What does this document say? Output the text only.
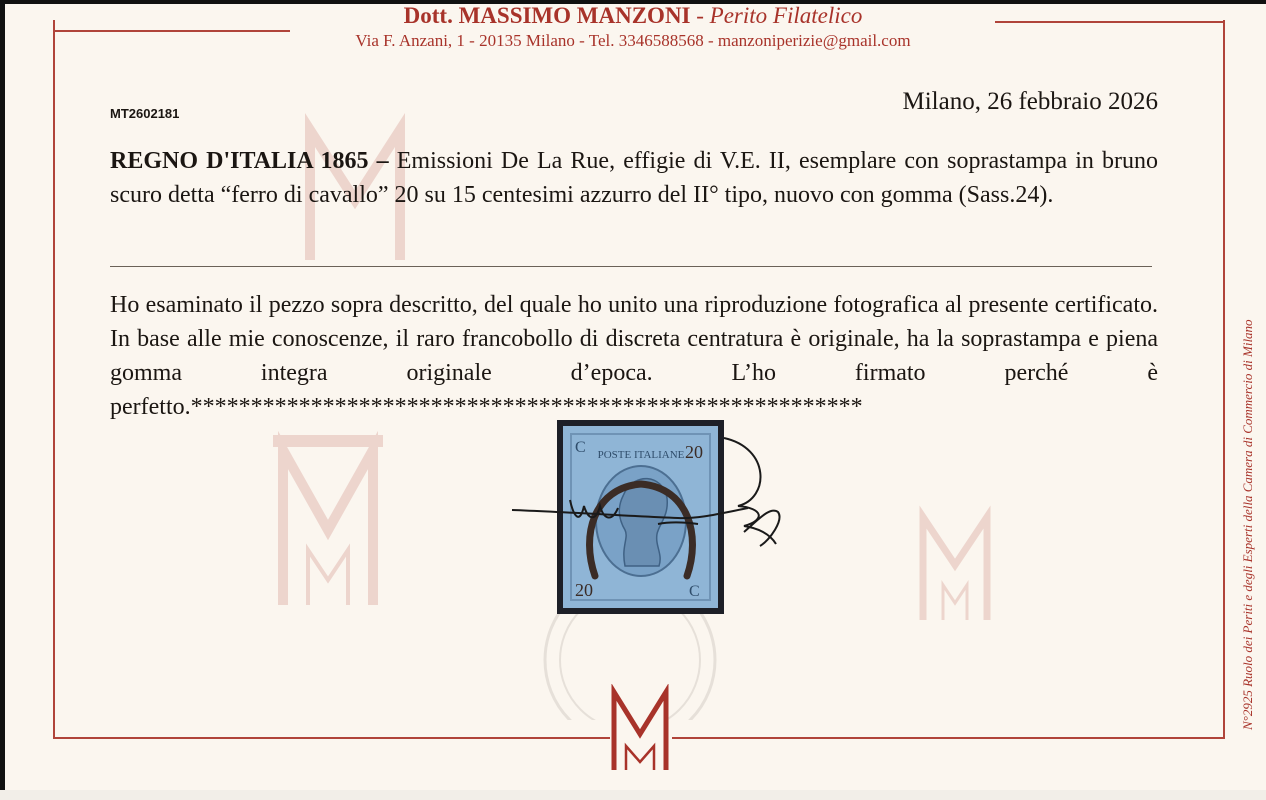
Dott. MASSIMO MANZONI - Perito Filatelico
Via F. Anzani, 1 - 20135 Milano - Tel. 3346588568 - manzoniperizie@gmail.com
MT2602181	Milano, 26 febbraio 2026
REGNO D'ITALIA 1865 – Emissioni De La Rue, effigie di V.E. II, esemplare con soprastampa in bruno scuro detta “ferro di cavallo” 20 su 15 centesimi azzurro del II° tipo, nuovo con gomma (Sass.24).
Ho esaminato il pezzo sopra descritto, del quale ho unito una riproduzione fotografica al presente certificato. In base alle mie conoscenze, il raro francobollo di discreta centratura è originale, ha la soprastampa e piena gomma integra originale d’epoca. L’ho firmato perché è perfetto.********************************************************
POSTE ITALIANE
C	20
20	C	N°2925 Ruolo dei Periti e degli Esperti della Camera di Commercio di Milano
